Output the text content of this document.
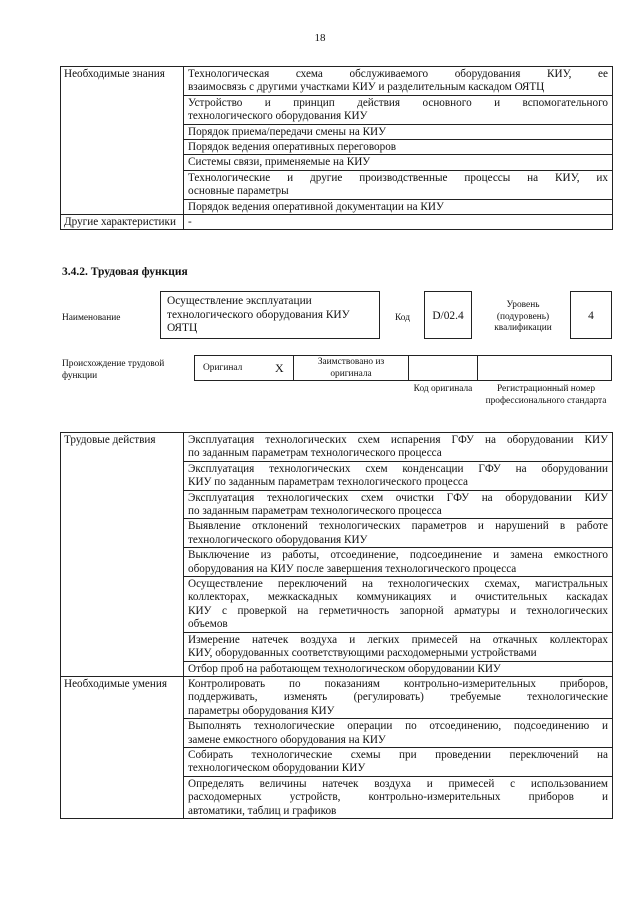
18
Необходимые знания	Технологическая схема обслуживаемого оборудования КИУ, ее
взаимосвязь с другими участками КИУ и разделительным каскадом ОЯТЦ

	Устройство и принцип действия основного и вспомогательного
технологического оборудования КИУ

	Порядок приема/передачи смены на КИУ

	Порядок ведения оперативных переговоров

	Системы связи, применяемые на КИУ

	Технологические и другие производственные процессы на КИУ, их
основные параметры

	Порядок ведения оперативной документации на КИУ

Другие характеристики	-
3.4.2. Трудовая функция
Наименование
Осуществление эксплуатации технологического оборудования КИУ ОЯТЦ
Код	D/02.4
Уровень (подуровень) квалификации
4
Происхождение трудовой функции
Оригинал	X	Заимствовано из оригинала
Код оригинала	Регистрационный номер профессионального стандарта
Трудовые действия	Эксплуатация технологических схем испарения ГФУ на оборудовании КИУ
по заданным параметрам технологического процесса

	Эксплуатация технологических схем конденсации ГФУ на оборудовании
КИУ по заданным параметрам технологического процесса

	Эксплуатация технологических схем очистки ГФУ на оборудовании КИУ
по заданным параметрам технологического процесса

	Выявление отклонений технологических параметров и нарушений в работе
технологического оборудования КИУ

	Выключение из работы, отсоединение, подсоединение и замена емкостного
оборудования на КИУ после завершения технологического процесса

	Осуществление переключений на технологических схемах, магистральных
коллекторах, межкаскадных коммуникациях и очистительных каскадах
КИУ с проверкой на герметичность запорной арматуры и технологических
объемов

	Измерение натечек воздуха и легких примесей на откачных коллекторах
КИУ, оборудованных соответствующими расходомерными устройствами

	Отбор проб на работающем технологическом оборудовании КИУ

Необходимые умения	Контролировать по показаниям контрольно-измерительных приборов,
поддерживать, изменять (регулировать) требуемые технологические
параметры оборудования КИУ

	Выполнять технологические операции по отсоединению, подсоединению и
замене емкостного оборудования на КИУ

	Собирать технологические схемы при проведении переключений на
технологическом оборудовании КИУ

	Определять величины натечек воздуха и примесей с использованием
расходомерных устройств, контрольно-измерительных приборов и
автоматики, таблиц и графиков
